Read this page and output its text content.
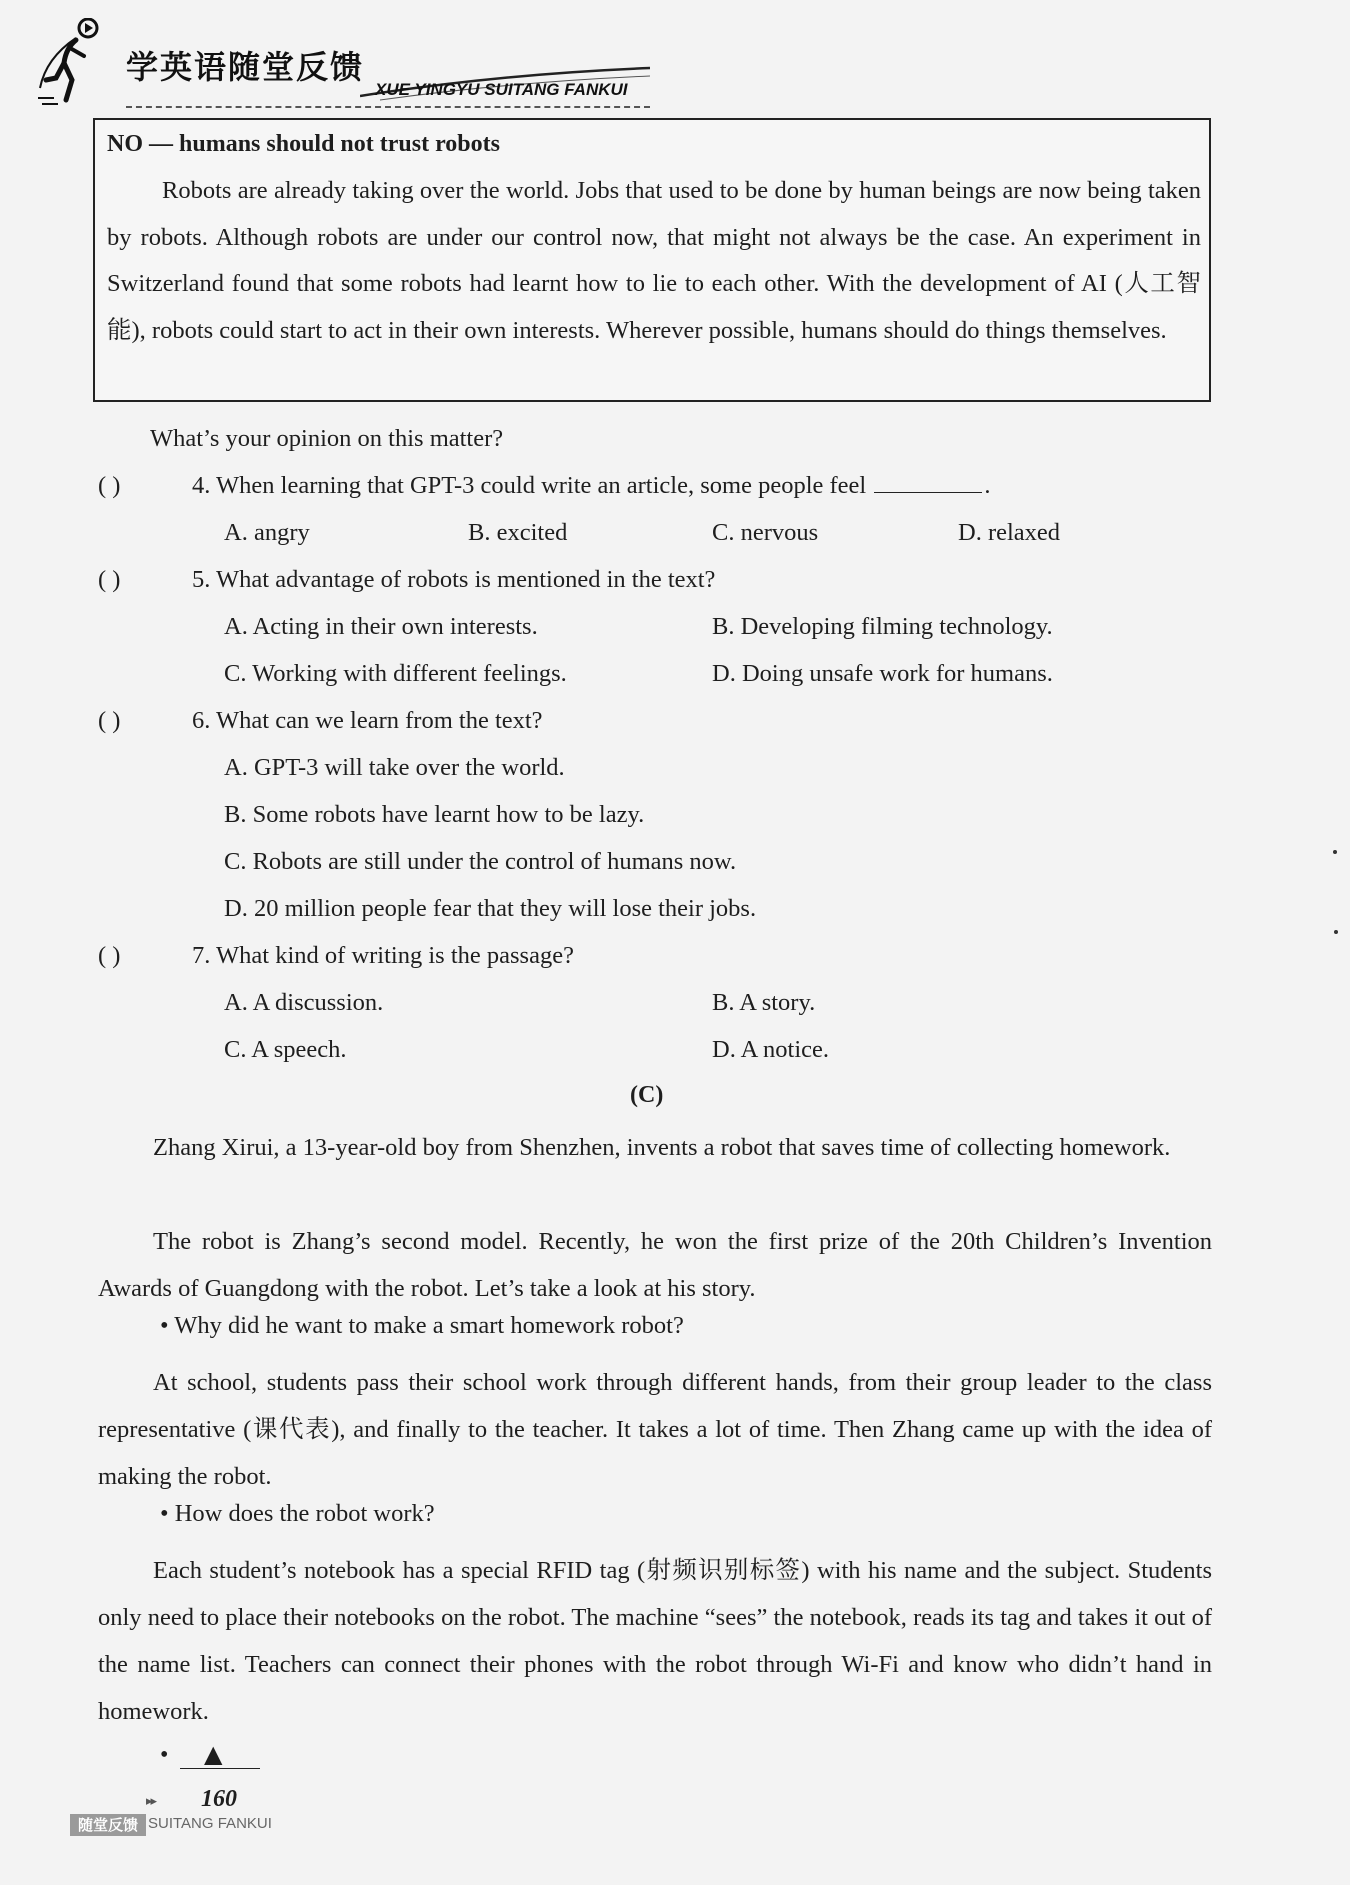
学英语随堂反馈
XUE YINGYU SUITANG FANKUI
NO — humans should not trust robots

Robots are already taking over the world. Jobs that used to be done by human beings are now being taken by robots. Although robots are under our control now, that might not always be the case. An experiment in Switzerland found that some robots had learnt how to lie to each other. With the development of AI (人工智能), robots could start to act in their own interests. Wherever possible, humans should do things themselves.

What’s your opinion on this matter?
( )	4. When learning that GPT-3 could write an article, some people feel	.
A. angry	B. excited	C. nervous	D. relaxed
( )	5. What advantage of robots is mentioned in the text?
A. Acting in their own interests.	B. Developing filming technology.
C. Working with different feelings.	D. Doing unsafe work for humans.
( )	6. What can we learn from the text?
A. GPT-3 will take over the world.
B. Some robots have learnt how to be lazy.
C. Robots are still under the control of humans now.
D. 20 million people fear that they will lose their jobs.
( )	7. What kind of writing is the passage?
A. A discussion.	B. A story.
C. A speech.	D. A notice.
(C)

Zhang Xirui, a 13-year-old boy from Shenzhen, invents a robot that saves time of collecting homework.

The robot is Zhang’s second model. Recently, he won the first prize of the 20th Children’s Invention Awards of Guangdong with the robot. Let’s take a look at his story.

• Why did he want to make a smart homework robot?

At school, students pass their school work through different hands, from their group leader to the class representative (课代表), and finally to the teacher. It takes a lot of time. Then Zhang came up with the idea of making the robot.

• How does the robot work?

Each student’s notebook has a special RFID tag (射频识别标签) with his name and the subject. Students only need to place their notebooks on the robot. The machine “sees” the notebook, reads its tag and takes it out of the name list. Teachers can connect their phones with the robot through Wi-Fi and know who didn’t hand in homework.

• ▲
▸▸ 160
随堂反馈 SUITANG FANKUI
